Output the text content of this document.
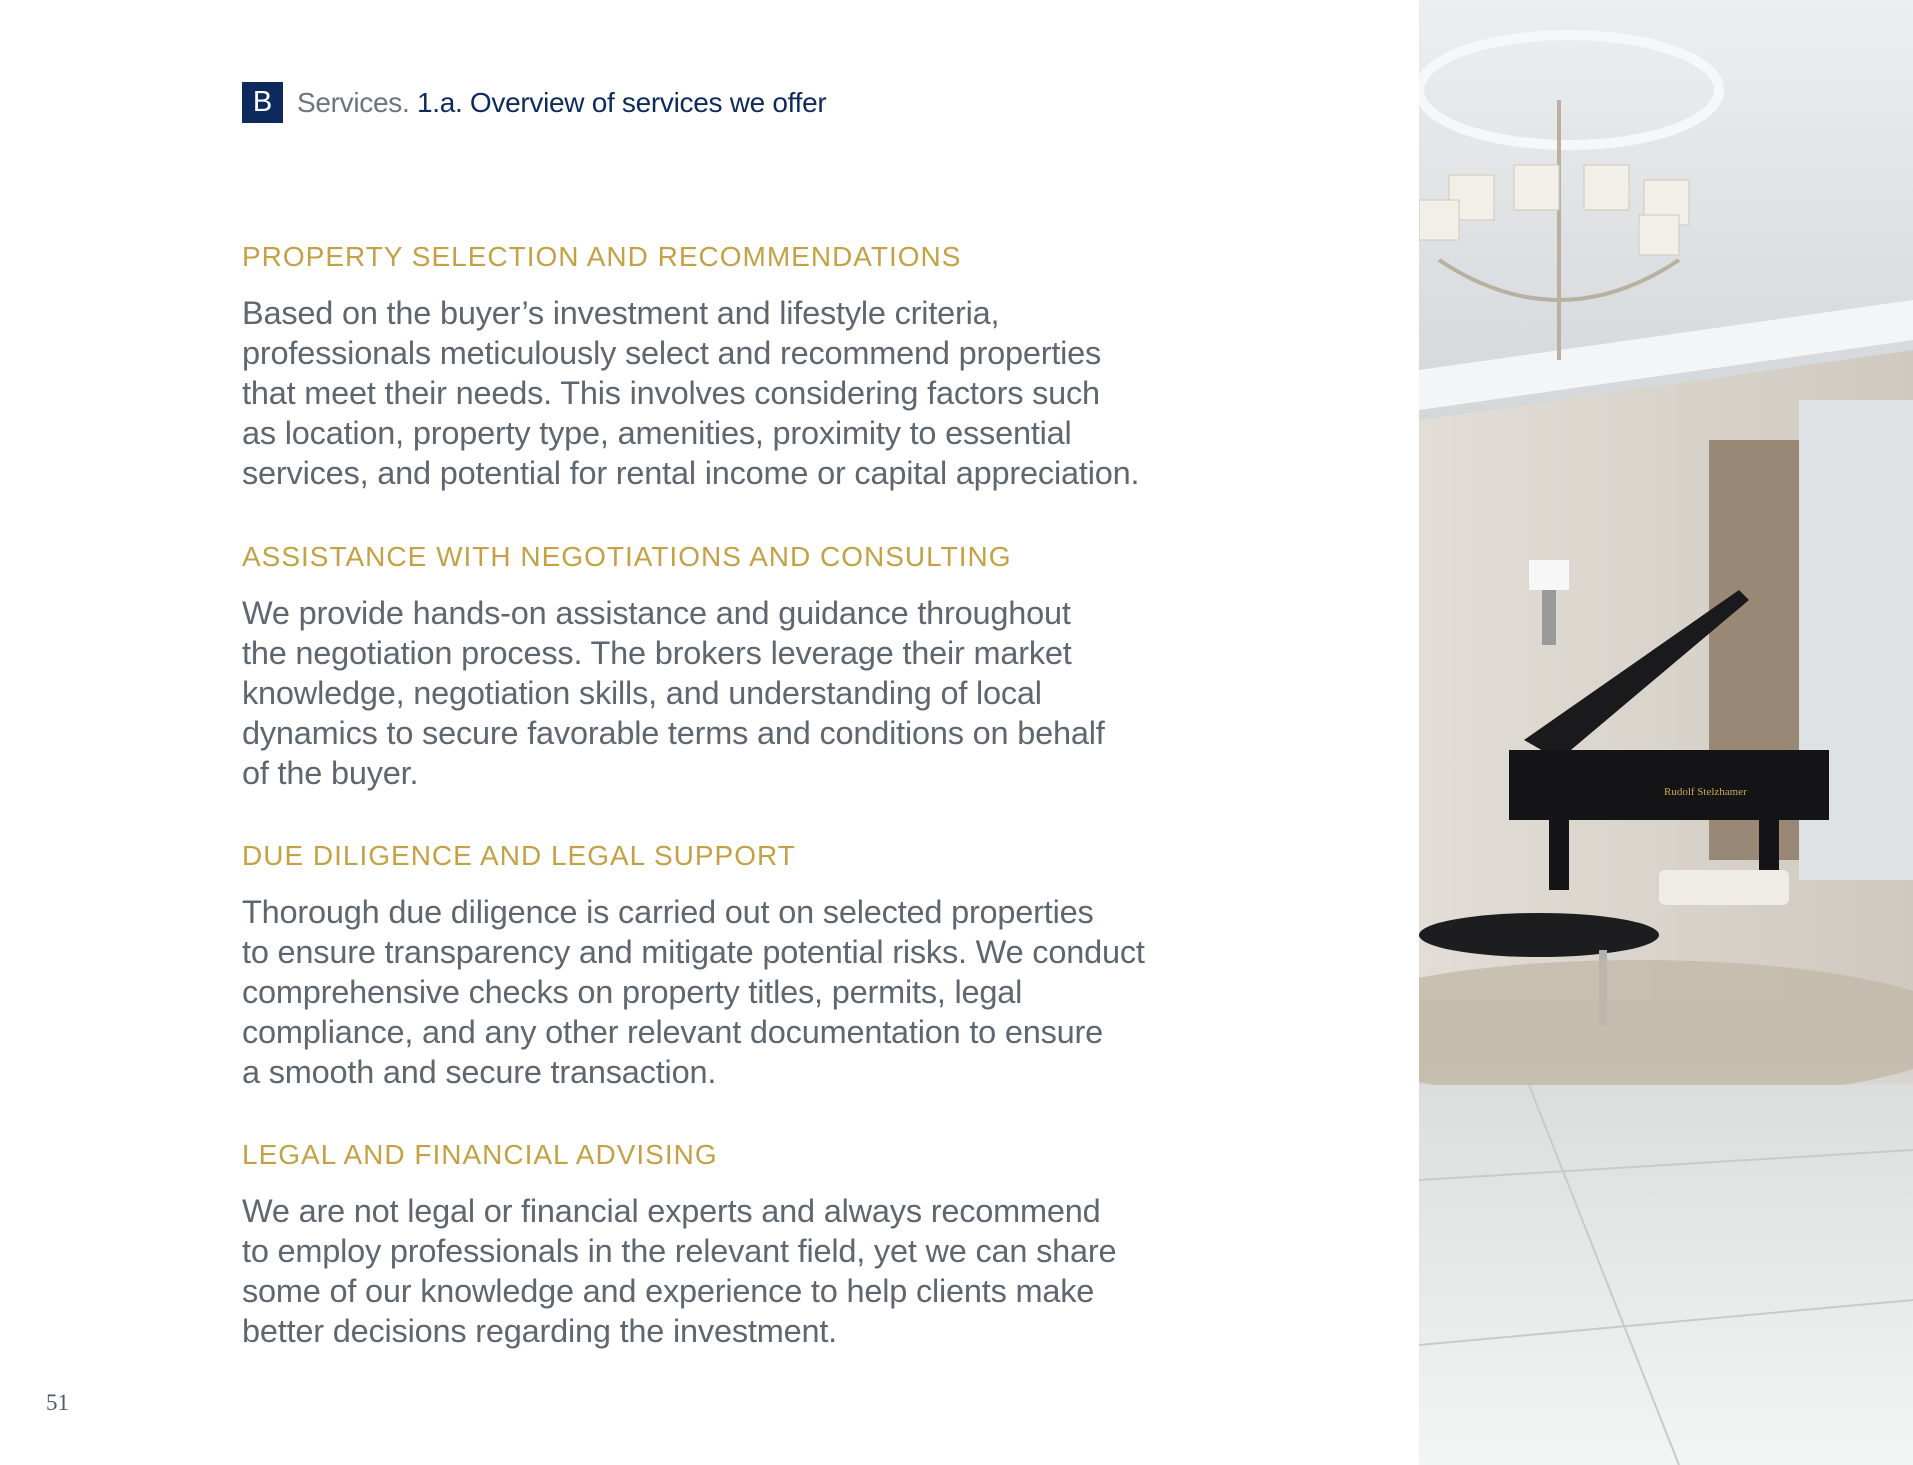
B Services. 1.a. Overview of services we offer
PROPERTY SELECTION AND RECOMMENDATIONS

Based on the buyer’s investment and lifestyle criteria,
professionals meticulously select and recommend properties
that meet their needs. This involves considering factors such
as location, property type, amenities, proximity to essential
services, and potential for rental income or capital appreciation.

ASSISTANCE WITH NEGOTIATIONS AND CONSULTING

We provide hands-on assistance and guidance throughout
the negotiation process. The brokers leverage their market
knowledge, negotiation skills, and understanding of local
dynamics to secure favorable terms and conditions on behalf
of the buyer.

DUE DILIGENCE AND LEGAL SUPPORT

Thorough due diligence is carried out on selected properties
to ensure transparency and mitigate potential risks. We conduct
comprehensive checks on property titles, permits, legal
compliance, and any other relevant documentation to ensure
a smooth and secure transaction.

LEGAL AND FINANCIAL ADVISING

We are not legal or financial experts and always recommend
to employ professionals in the relevant field, yet we can share
some of our knowledge and experience to help clients make
better decisions regarding the investment.

51
Rudolf Stelzhamer
